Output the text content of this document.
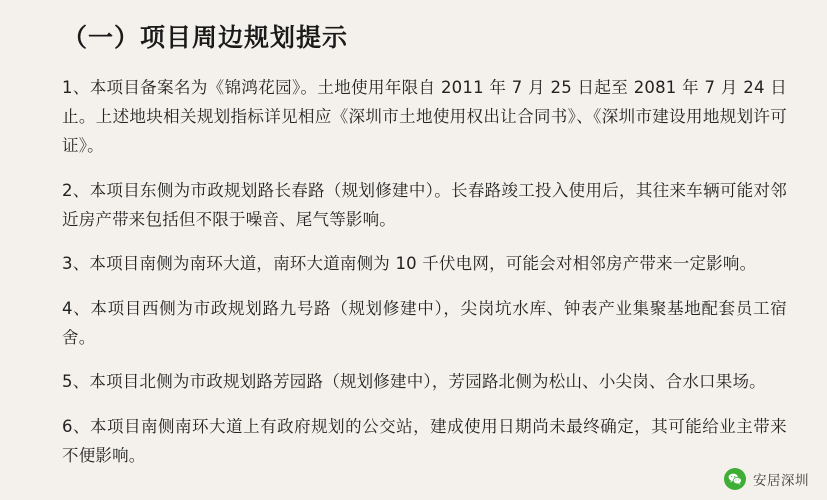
（一）项目周边规划提示

1、本项目备案名为《锦鸿花园》。土地使用年限自 2011 年 7 月 25 日起至 2081 年 7 月 24 日止。上述地块相关规划指标详见相应《深圳市土地使用权出让合同书》、《深圳市建设用地规划许可证》。

2、本项目东侧为市政规划路长春路（规划修建中）。长春路竣工投入使用后，其往来车辆可能对邻近房产带来包括但不限于噪音、尾气等影响。

3、本项目南侧为南环大道，南环大道南侧为 10 千伏电网，可能会对相邻房产带来一定影响。

4、本项目西侧为市政规划路九号路（规划修建中），尖岗坑水库、钟表产业集聚基地配套员工宿舍。

5、本项目北侧为市政规划路芳园路（规划修建中），芳园路北侧为松山、小尖岗、合水口果场。

6、本项目南侧南环大道上有政府规划的公交站，建成使用日期尚未最终确定，其可能给业主带来不便影响。

安居深圳
